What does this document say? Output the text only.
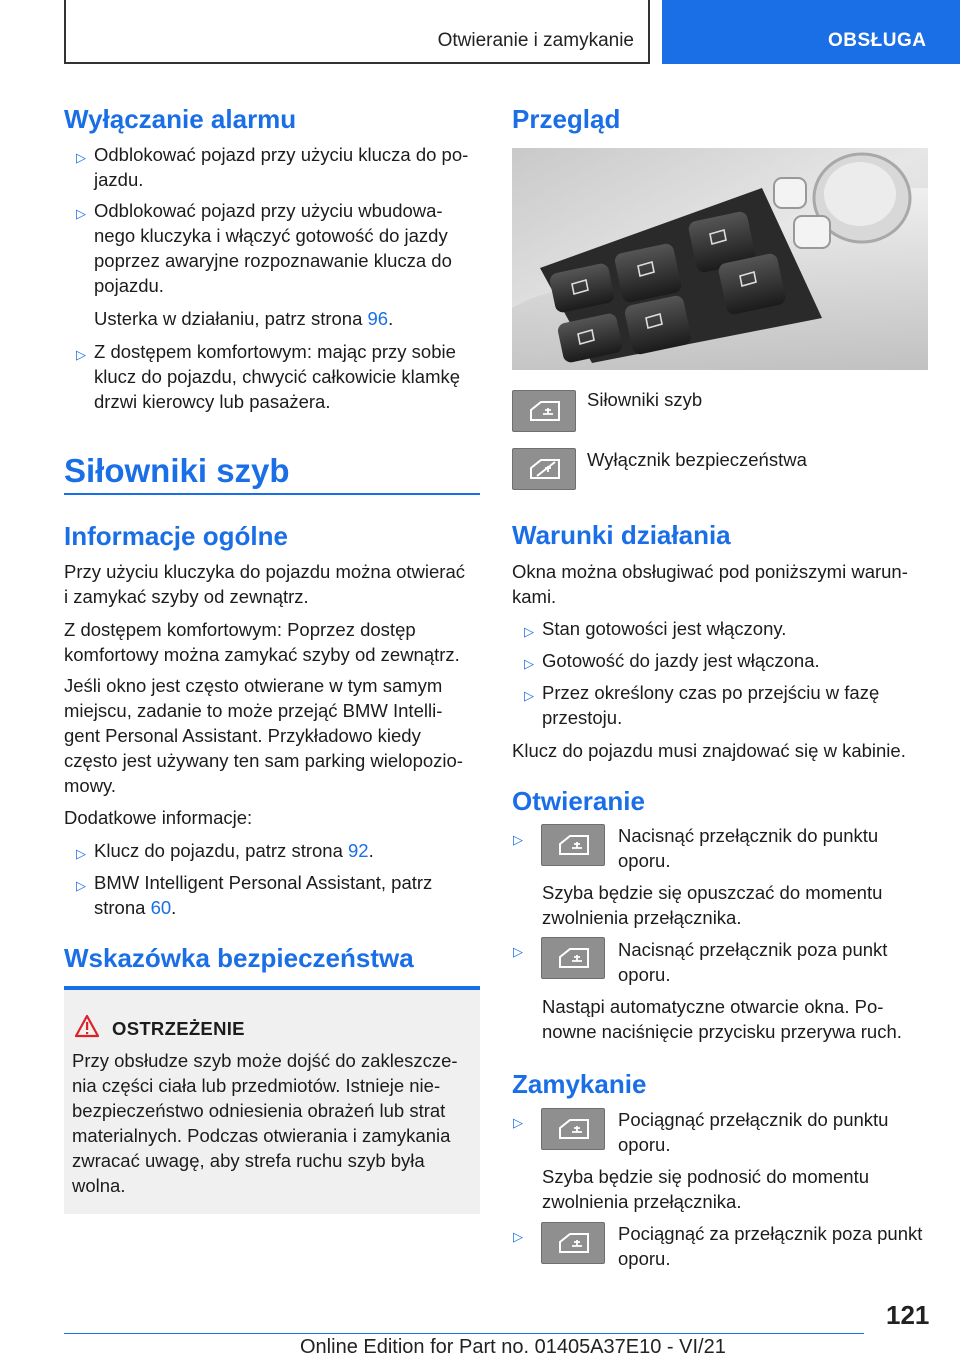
Otwieranie i zamykanie	OBSŁUGA
Wyłączanie alarmu
▷ Odblokować pojazd przy użyciu klucza do po-
jazdu.
▷ Odblokować pojazd przy użyciu wbudowa-
nego kluczyka i włączyć gotowość do jazdy
poprzez awaryjne rozpoznawanie klucza do
pojazdu.
Usterka w działaniu, patrz strona 96.
▷ Z dostępem komfortowym: mając przy sobie
klucz do pojazdu, chwycić całkowicie klamkę
drzwi kierowcy lub pasażera.
Siłowniki szyb
Informacje ogólne
Przy użyciu kluczyka do pojazdu można otwierać
i zamykać szyby od zewnątrz.
Z dostępem komfortowym: Poprzez dostęp
komfortowy można zamykać szyby od zewnątrz.
Jeśli okno jest często otwierane w tym samym
miejscu, zadanie to może przejąć BMW Intelli-
gent Personal Assistant. Przykładowo kiedy
często jest używany ten sam parking wielopozio-
mowy.
Dodatkowe informacje:
▷ Klucz do pojazdu, patrz strona 92.
▷ BMW Intelligent Personal Assistant, patrz
strona 60.
Wskazówka bezpieczeństwa
OSTRZEŻENIE
Przy obsłudze szyb może dojść do zakleszcze-
nia części ciała lub przedmiotów. Istnieje nie-
bezpieczeństwo odniesienia obrażeń lub strat
materialnych. Podczas otwierania i zamykania
zwracać uwagę, aby strefa ruchu szyb była
wolna.
Przegląd
Siłowniki szyb
Wyłącznik bezpieczeństwa
Warunki działania
Okna można obsługiwać pod poniższymi warun-
kami.
▷ Stan gotowości jest włączony.
▷ Gotowość do jazdy jest włączona.
▷ Przez określony czas po przejściu w fazę
przestoju.
Klucz do pojazdu musi znajdować się w kabinie.
Otwieranie
▷	Nacisnąć przełącznik do punktu
oporu.
Szyba będzie się opuszczać do momentu
zwolnienia przełącznika.
▷	Nacisnąć przełącznik poza punkt
oporu.
Nastąpi automatyczne otwarcie okna. Po-
nowne naciśnięcie przycisku przerywa ruch.
Zamykanie
▷	Pociągnąć przełącznik do punktu
oporu.
Szyba będzie się podnosić do momentu
zwolnienia przełącznika.
▷	Pociągnąć za przełącznik poza punkt
oporu.
121
Online Edition for Part no. 01405A37E10 - VI/21
